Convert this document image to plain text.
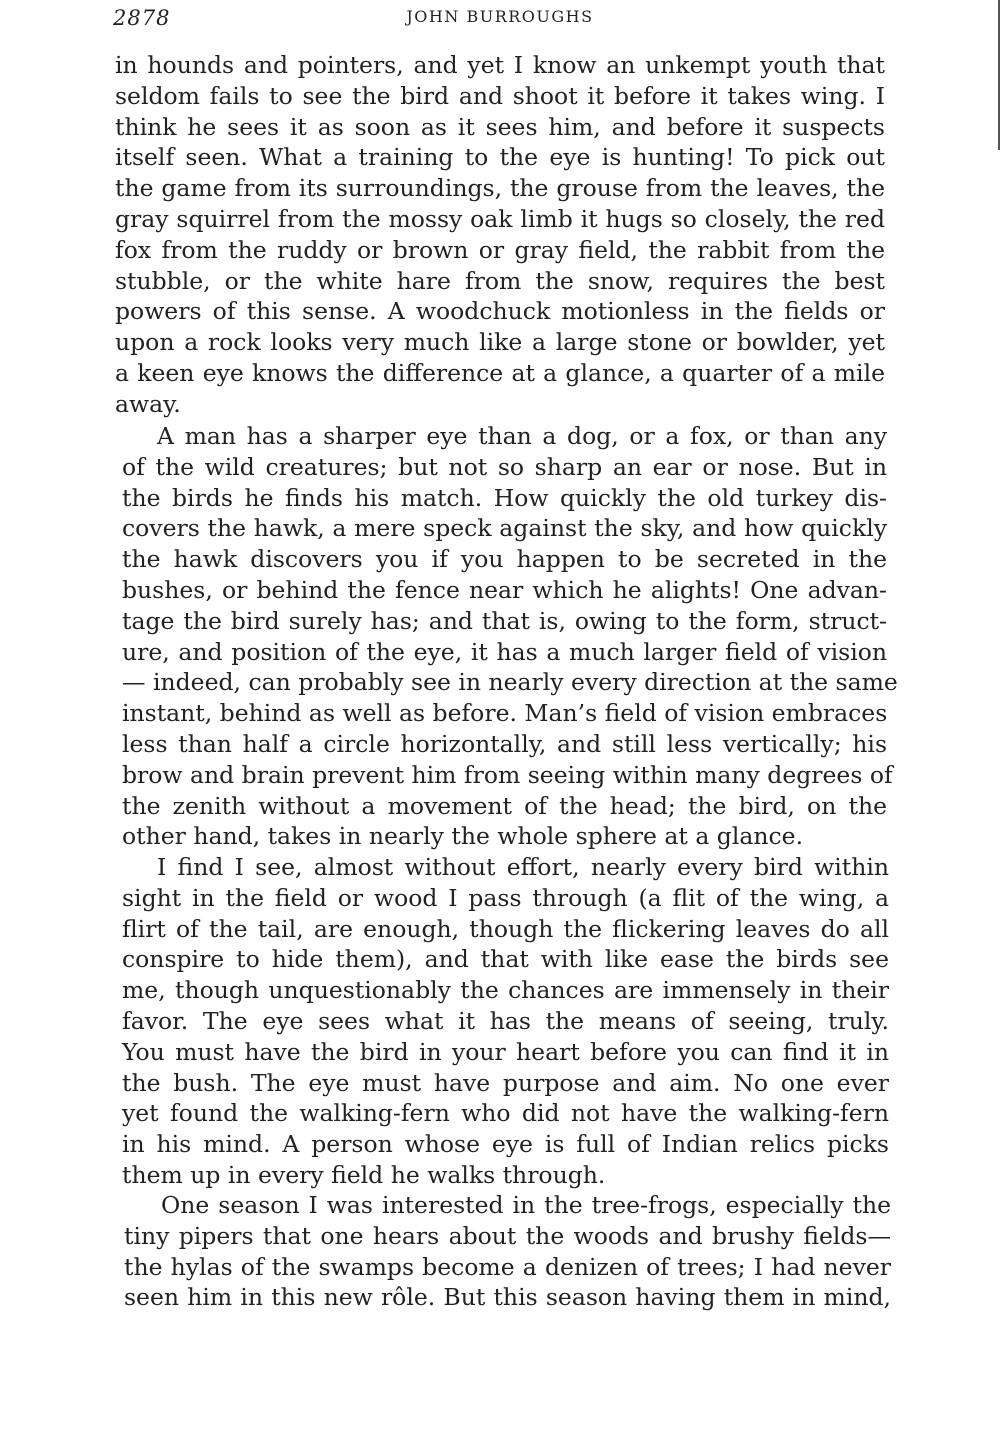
2878	JOHN BURROUGHS
in hounds and pointers, and yet I know an unkempt youth that
seldom fails to see the bird and shoot it before it takes wing. I
think he sees it as soon as it sees him, and before it suspects
itself seen. What a training to the eye is hunting! To pick out
the game from its surroundings, the grouse from the leaves, the
gray squirrel from the mossy oak limb it hugs so closely, the red
fox from the ruddy or brown or gray field, the rabbit from the
stubble, or the white hare from the snow, requires the best
powers of this sense. A woodchuck motionless in the fields or
upon a rock looks very much like a large stone or bowlder, yet
a keen eye knows the difference at a glance, a quarter of a mile
away.
A man has a sharper eye than a dog, or a fox, or than any
of the wild creatures; but not so sharp an ear or nose. But in
the birds he finds his match. How quickly the old turkey dis-
covers the hawk, a mere speck against the sky, and how quickly
the hawk discovers you if you happen to be secreted in the
bushes, or behind the fence near which he alights! One advan-
tage the bird surely has; and that is, owing to the form, struct-
ure, and position of the eye, it has a much larger field of vision
— indeed, can probably see in nearly every direction at the same
instant, behind as well as before. Man’s field of vision embraces
less than half a circle horizontally, and still less vertically; his
brow and brain prevent him from seeing within many degrees of
the zenith without a movement of the head; the bird, on the
other hand, takes in nearly the whole sphere at a glance.
I find I see, almost without effort, nearly every bird within
sight in the field or wood I pass through (a flit of the wing, a
flirt of the tail, are enough, though the flickering leaves do all
conspire to hide them), and that with like ease the birds see
me, though unquestionably the chances are immensely in their
favor. The eye sees what it has the means of seeing, truly.
You must have the bird in your heart before you can find it in
the bush. The eye must have purpose and aim. No one ever
yet found the walking-fern who did not have the walking-fern
in his mind. A person whose eye is full of Indian relics picks
them up in every field he walks through.
One season I was interested in the tree-frogs, especially the
tiny pipers that one hears about the woods and brushy fields—
the hylas of the swamps become a denizen of trees; I had never
seen him in this new rôle. But this season having them in mind,
